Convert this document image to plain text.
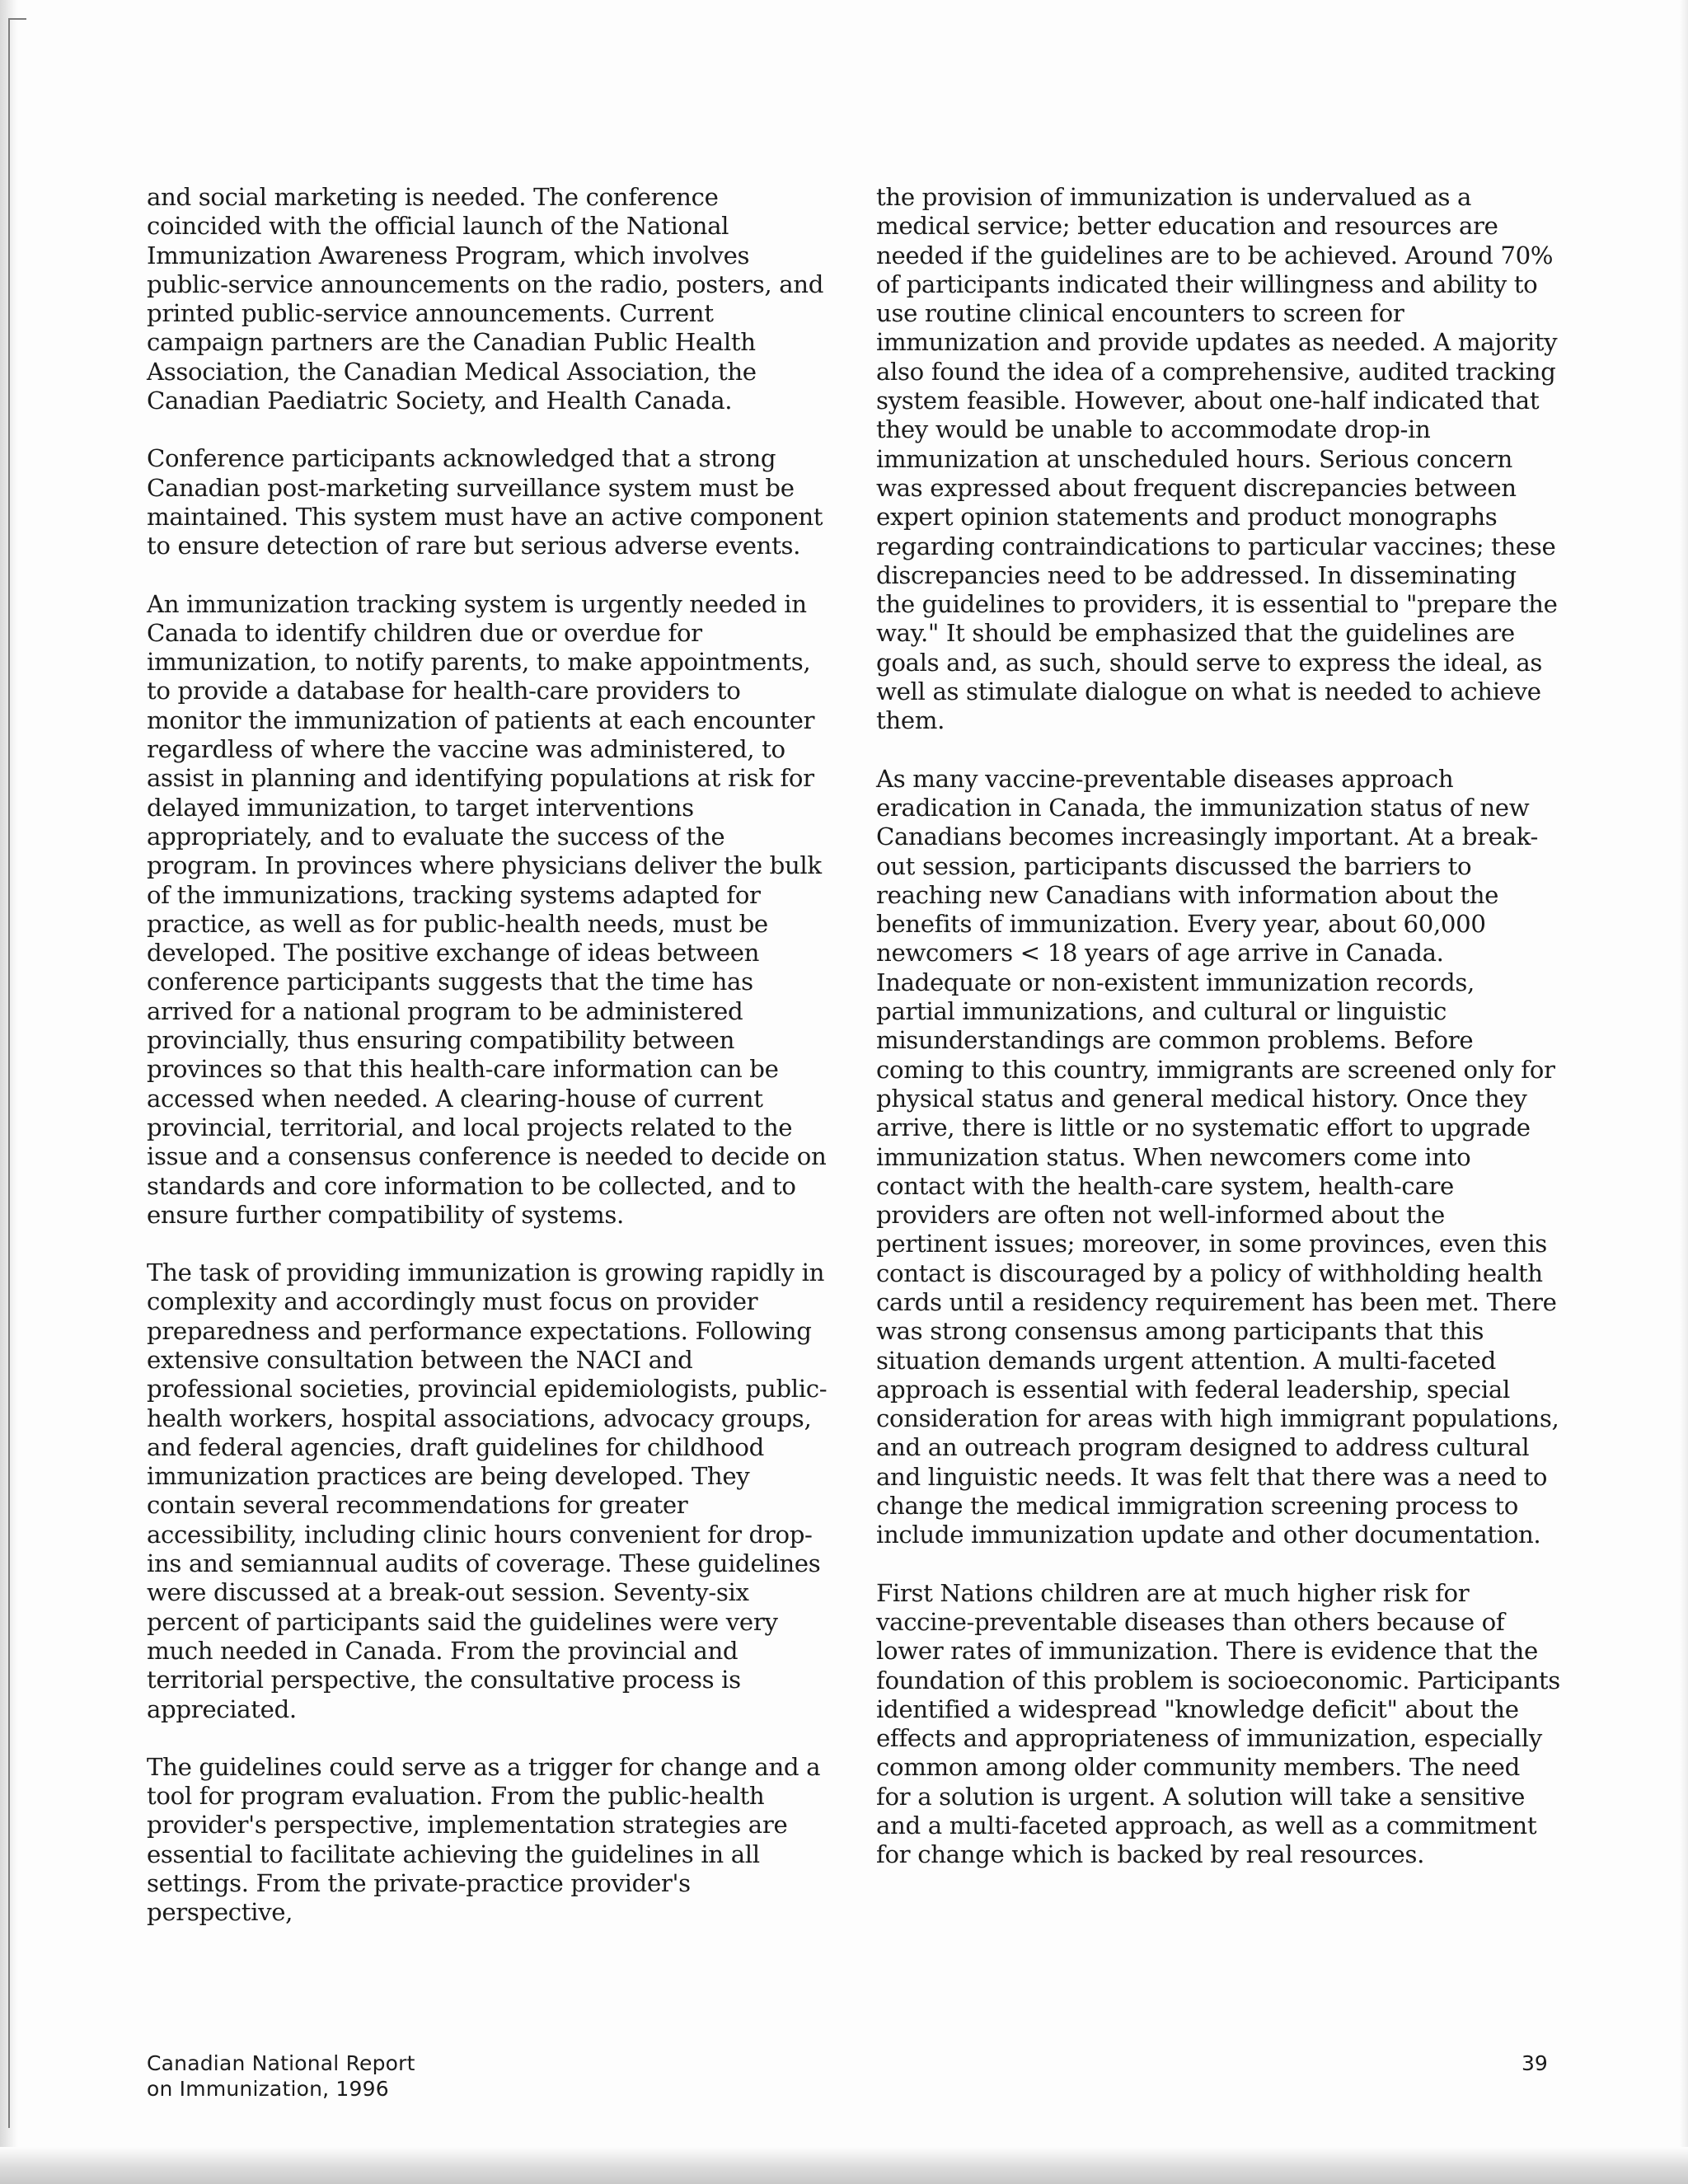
and social marketing is needed. The conference coincided with the official launch of the National Immunization Awareness Program, which involves public-service announcements on the radio, posters, and printed public-service announcements. Current campaign partners are the Canadian Public Health Association, the Canadian Medical Association, the Canadian Paediatric Society, and Health Canada.

Conference participants acknowledged that a strong Canadian post-marketing surveillance system must be maintained. This system must have an active component to ensure detection of rare but serious adverse events.

An immunization tracking system is urgently needed in Canada to identify children due or overdue for immunization, to notify parents, to make appointments, to provide a database for health-care providers to monitor the immunization of patients at each encounter regardless of where the vaccine was administered, to assist in planning and identifying populations at risk for delayed immunization, to target interventions appropriately, and to evaluate the success of the program. In provinces where physicians deliver the bulk of the immunizations, tracking systems adapted for practice, as well as for public-health needs, must be developed. The positive exchange of ideas between conference participants suggests that the time has arrived for a national program to be administered provincially, thus ensuring compatibility between provinces so that this health-care information can be accessed when needed. A clearing-house of current provincial, territorial, and local projects related to the issue and a consensus conference is needed to decide on standards and core information to be collected, and to ensure further compatibility of systems.

The task of providing immunization is growing rapidly in complexity and accordingly must focus on provider preparedness and performance expectations. Following extensive consultation between the NACI and professional societies, provincial epidemiologists, public-health workers, hospital associations, advocacy groups, and federal agencies, draft guidelines for childhood immunization practices are being developed. They contain several recommendations for greater accessibility, including clinic hours convenient for drop-ins and semiannual audits of coverage. These guidelines were discussed at a break-out session. Seventy-six percent of participants said the guidelines were very much needed in Canada. From the provincial and territorial perspective, the consultative process is appreciated.

The guidelines could serve as a trigger for change and a tool for program evaluation. From the public-health provider's perspective, implementation strategies are essential to facilitate achieving the guidelines in all settings. From the private-practice provider's perspective,

the provision of immunization is undervalued as a medical service; better education and resources are needed if the guidelines are to be achieved. Around 70% of participants indicated their willingness and ability to use routine clinical encounters to screen for immunization and provide updates as needed. A majority also found the idea of a comprehensive, audited tracking system feasible. However, about one-half indicated that they would be unable to accommodate drop-in immunization at unscheduled hours. Serious concern was expressed about frequent discrepancies between expert opinion statements and product monographs regarding contraindications to particular vaccines; these discrepancies need to be addressed. In disseminating the guidelines to providers, it is essential to "prepare the way." It should be emphasized that the guidelines are goals and, as such, should serve to express the ideal, as well as stimulate dialogue on what is needed to achieve them.

As many vaccine-preventable diseases approach eradication in Canada, the immunization status of new Canadians becomes increasingly important. At a break-out session, participants discussed the barriers to reaching new Canadians with information about the benefits of immunization. Every year, about 60,000 newcomers < 18 years of age arrive in Canada. Inadequate or non-existent immunization records, partial immunizations, and cultural or linguistic misunderstandings are common problems. Before coming to this country, immigrants are screened only for physical status and general medical history. Once they arrive, there is little or no systematic effort to upgrade immunization status. When newcomers come into contact with the health-care system, health-care providers are often not well-informed about the pertinent issues; moreover, in some provinces, even this contact is discouraged by a policy of withholding health cards until a residency requirement has been met. There was strong consensus among participants that this situation demands urgent attention. A multi-faceted approach is essential with federal leadership, special consideration for areas with high immigrant populations, and an outreach program designed to address cultural and linguistic needs. It was felt that there was a need to change the medical immigration screening process to include immunization update and other documentation.

First Nations children are at much higher risk for vaccine-preventable diseases than others because of lower rates of immunization. There is evidence that the foundation of this problem is socioeconomic. Participants identified a widespread "knowledge deficit" about the effects and appropriateness of immunization, especially common among older community members. The need for a solution is urgent. A solution will take a sensitive and a multi-faceted approach, as well as a commitment for change which is backed by real resources.

Canadian National Report
on Immunization, 1996
39
